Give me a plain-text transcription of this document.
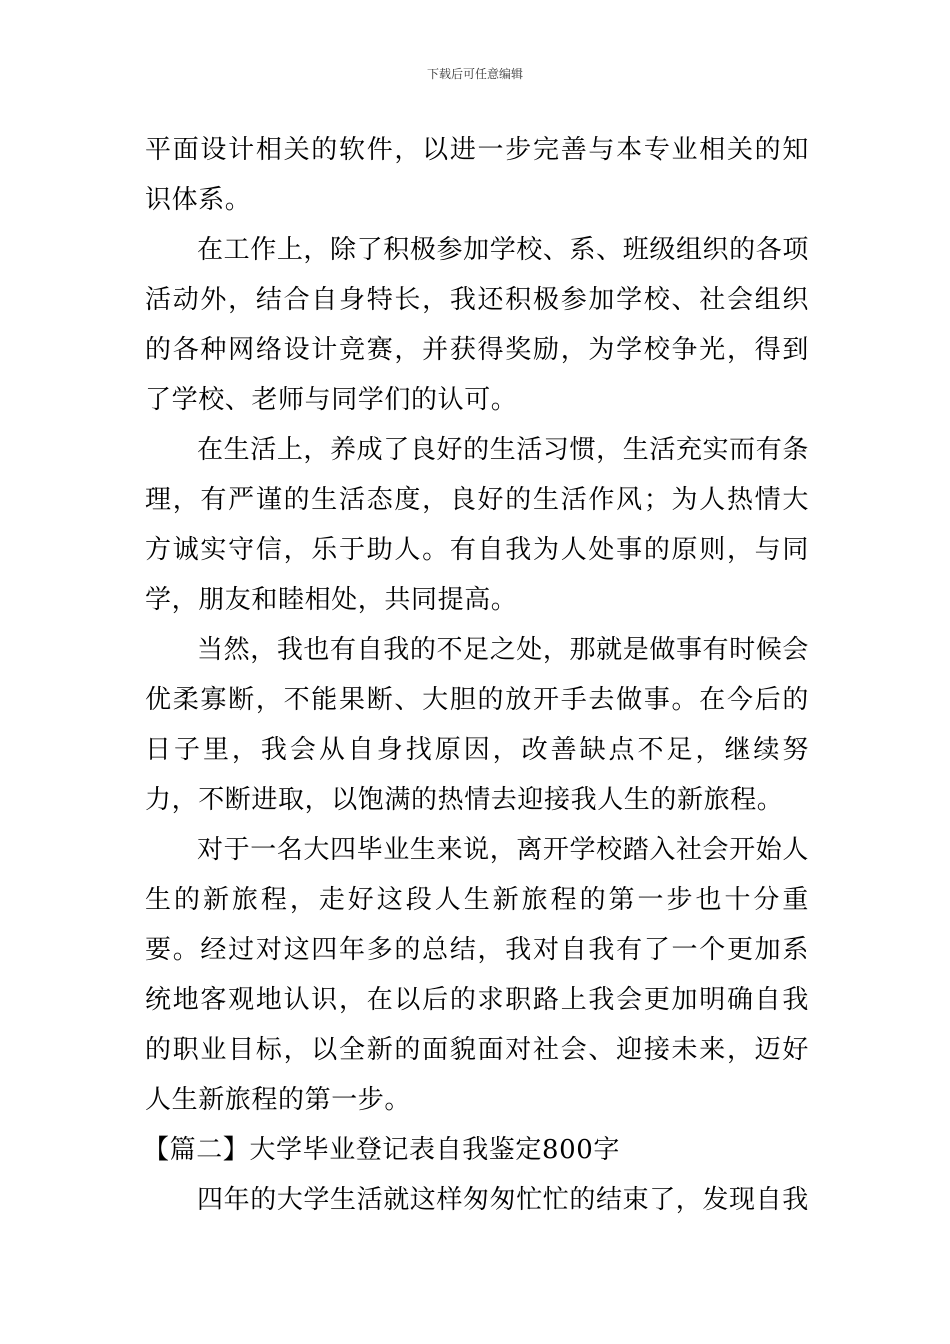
下载后可任意编辑

平面设计相关的软件，以进一步完善与本专业相关的知识体系。

在工作上，除了积极参加学校、系、班级组织的各项活动外，结合自身特长，我还积极参加学校、社会组织的各种网络设计竞赛，并获得奖励，为学校争光，得到了学校、老师与同学们的认可。

在生活上，养成了良好的生活习惯，生活充实而有条理，有严谨的生活态度，良好的生活作风；为人热情大方诚实守信，乐于助人。有自我为人处事的原则，与同学，朋友和睦相处，共同提高。

当然，我也有自我的不足之处，那就是做事有时候会优柔寡断，不能果断、大胆的放开手去做事。在今后的日子里，我会从自身找原因，改善缺点不足，继续努力，不断进取，以饱满的热情去迎接我人生的新旅程。

对于一名大四毕业生来说，离开学校踏入社会开始人生的新旅程，走好这段人生新旅程的第一步也十分重要。经过对这四年多的总结，我对自我有了一个更加系统地客观地认识，在以后的求职路上我会更加明确自我的职业目标，以全新的面貌面对社会、迎接未来，迈好人生新旅程的第一步。

【篇二】大学毕业登记表自我鉴定800字

四年的大学生活就这样匆匆忙忙的结束了，发现自我
